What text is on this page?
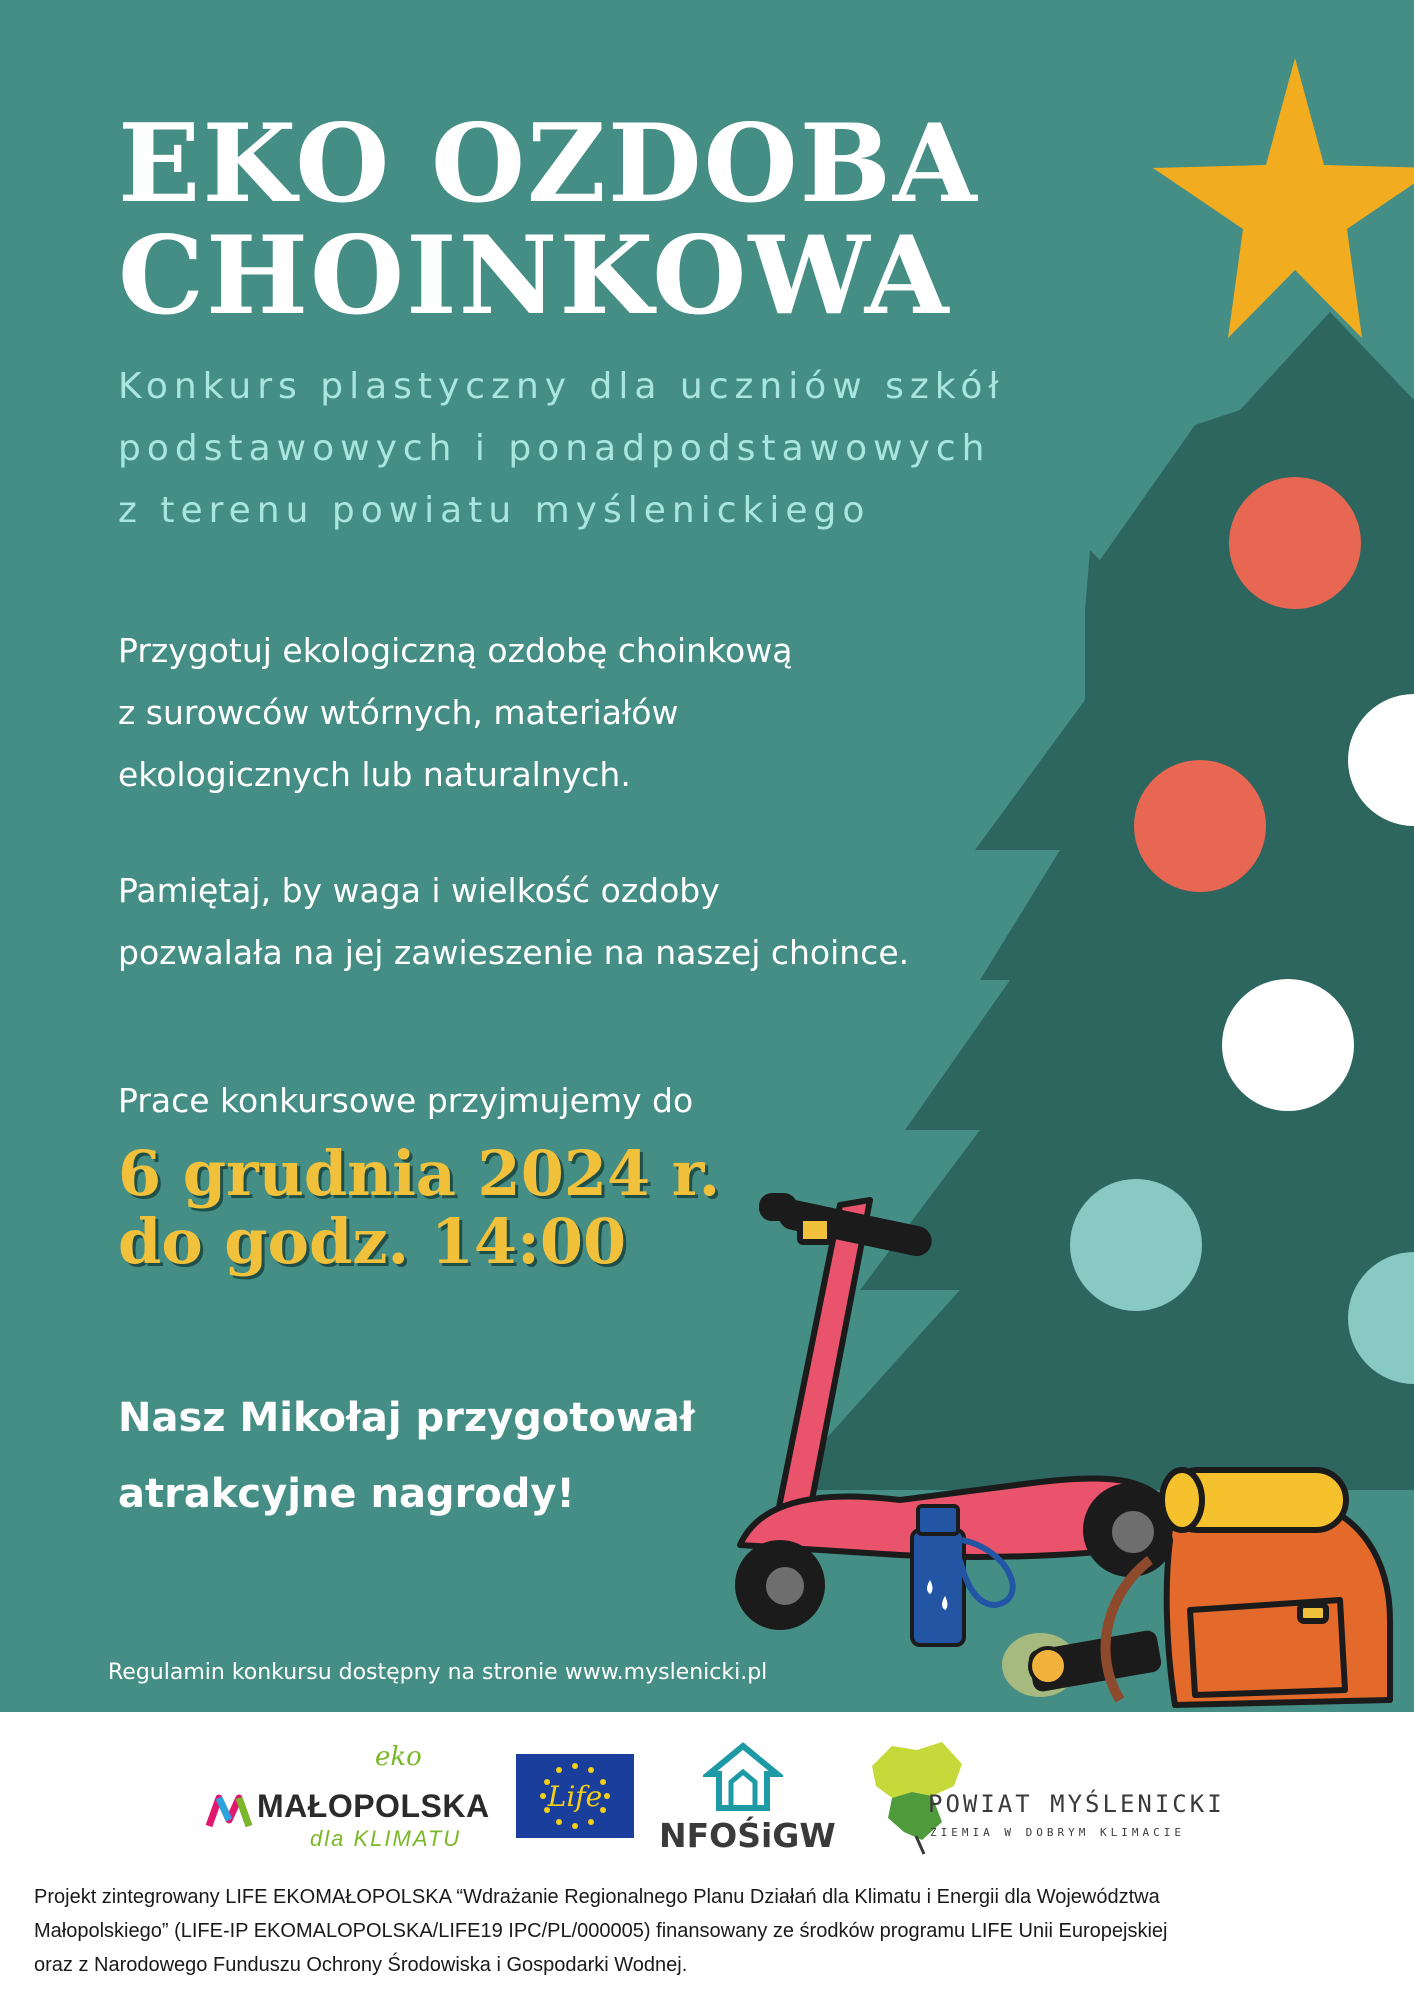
EKO OZDOBA
CHOINKOWA

Konkurs plastyczny dla uczniów szkół
podstawowych i ponadpodstawowych
z terenu powiatu myślenickiego

Przygotuj ekologiczną ozdobę choinkową
z surowców wtórnych, materiałów
ekologicznych lub naturalnych.

Pamiętaj, by waga i wielkość ozdoby
pozwalała na jej zawieszenie na naszej choince.

Prace konkursowe przyjmujemy do

6 grudnia 2024 r.
do godz. 14:00

Nasz Mikołaj przygotował
atrakcyjne nagrody!

Regulamin konkursu dostępny na stronie www.myslenicki.pl

eko
MAŁOPOLSKA
dla KLIMATU
Life
NFOŚiGW
POWIAT MYŚLENICKI
ZIEMIA W DOBRYM KLIMACIE

Projekt zintegrowany LIFE EKOMAŁOPOLSKA “Wdrażanie Regionalnego Planu Działań dla Klimatu i Energii dla Województwa
Małopolskiego” (LIFE-IP EKOMALOPOLSKA/LIFE19 IPC/PL/000005) finansowany ze środków programu LIFE Unii Europejskiej
oraz z Narodowego Funduszu Ochrony Środowiska i Gospodarki Wodnej.
